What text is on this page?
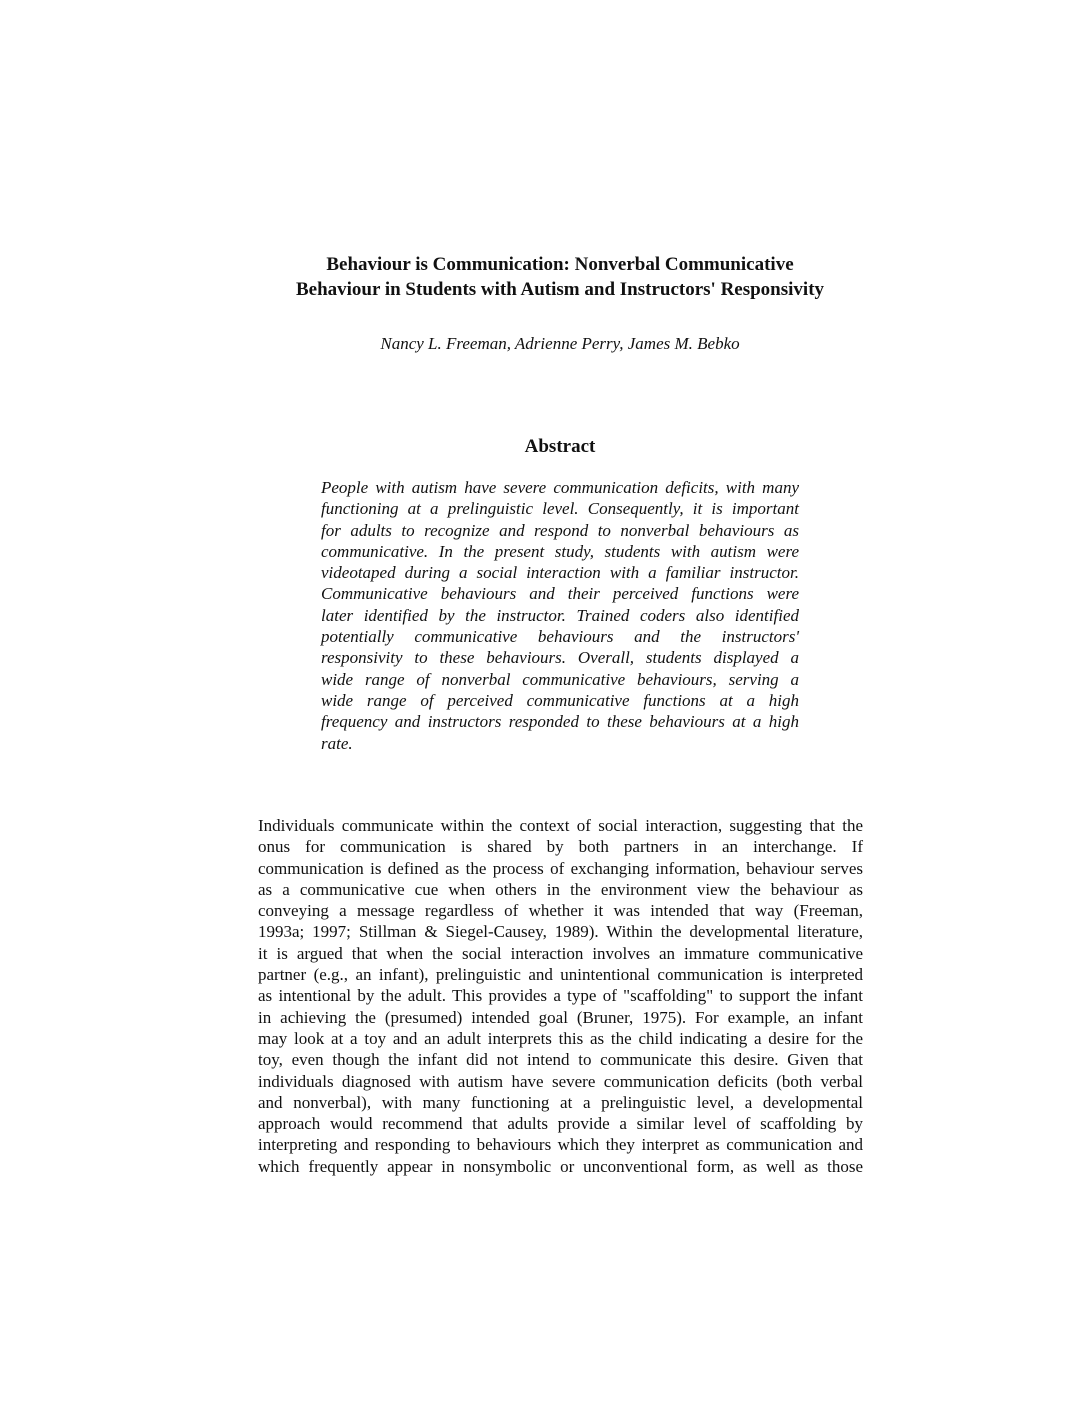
Behaviour is Communication: Nonverbal Communicative
Behaviour in Students with Autism and Instructors' Responsivity
Nancy L. Freeman, Adrienne Perry, James M. Bebko
Abstract
People with autism have severe communication deficits, with many
functioning at a prelinguistic level. Consequently, it is important
for adults to recognize and respond to nonverbal behaviours as
communicative. In the present study, students with autism were
videotaped during a social interaction with a familiar instructor.
Communicative behaviours and their perceived functions were
later identified by the instructor. Trained coders also identified
potentially communicative behaviours and the instructors'
responsivity to these behaviours. Overall, students displayed a
wide range of nonverbal communicative behaviours, serving a
wide range of perceived communicative functions at a high
frequency and instructors responded to these behaviours at a high
rate.
Individuals communicate within the context of social interaction, suggesting that the
onus for communication is shared by both partners in an interchange. If
communication is defined as the process of exchanging information, behaviour serves
as a communicative cue when others in the environment view the behaviour as
conveying a message regardless of whether it was intended that way (Freeman,
1993a; 1997; Stillman & Siegel-Causey, 1989). Within the developmental literature,
it is argued that when the social interaction involves an immature communicative
partner (e.g., an infant), prelinguistic and unintentional communication is interpreted
as intentional by the adult. This provides a type of "scaffolding" to support the infant
in achieving the (presumed) intended goal (Bruner, 1975). For example, an infant
may look at a toy and an adult interprets this as the child indicating a desire for the
toy, even though the infant did not intend to communicate this desire. Given that
individuals diagnosed with autism have severe communication deficits (both verbal
and nonverbal), with many functioning at a prelinguistic level, a developmental
approach would recommend that adults provide a similar level of scaffolding by
interpreting and responding to behaviours which they interpret as communication and
which frequently appear in nonsymbolic or unconventional form, as well as those
